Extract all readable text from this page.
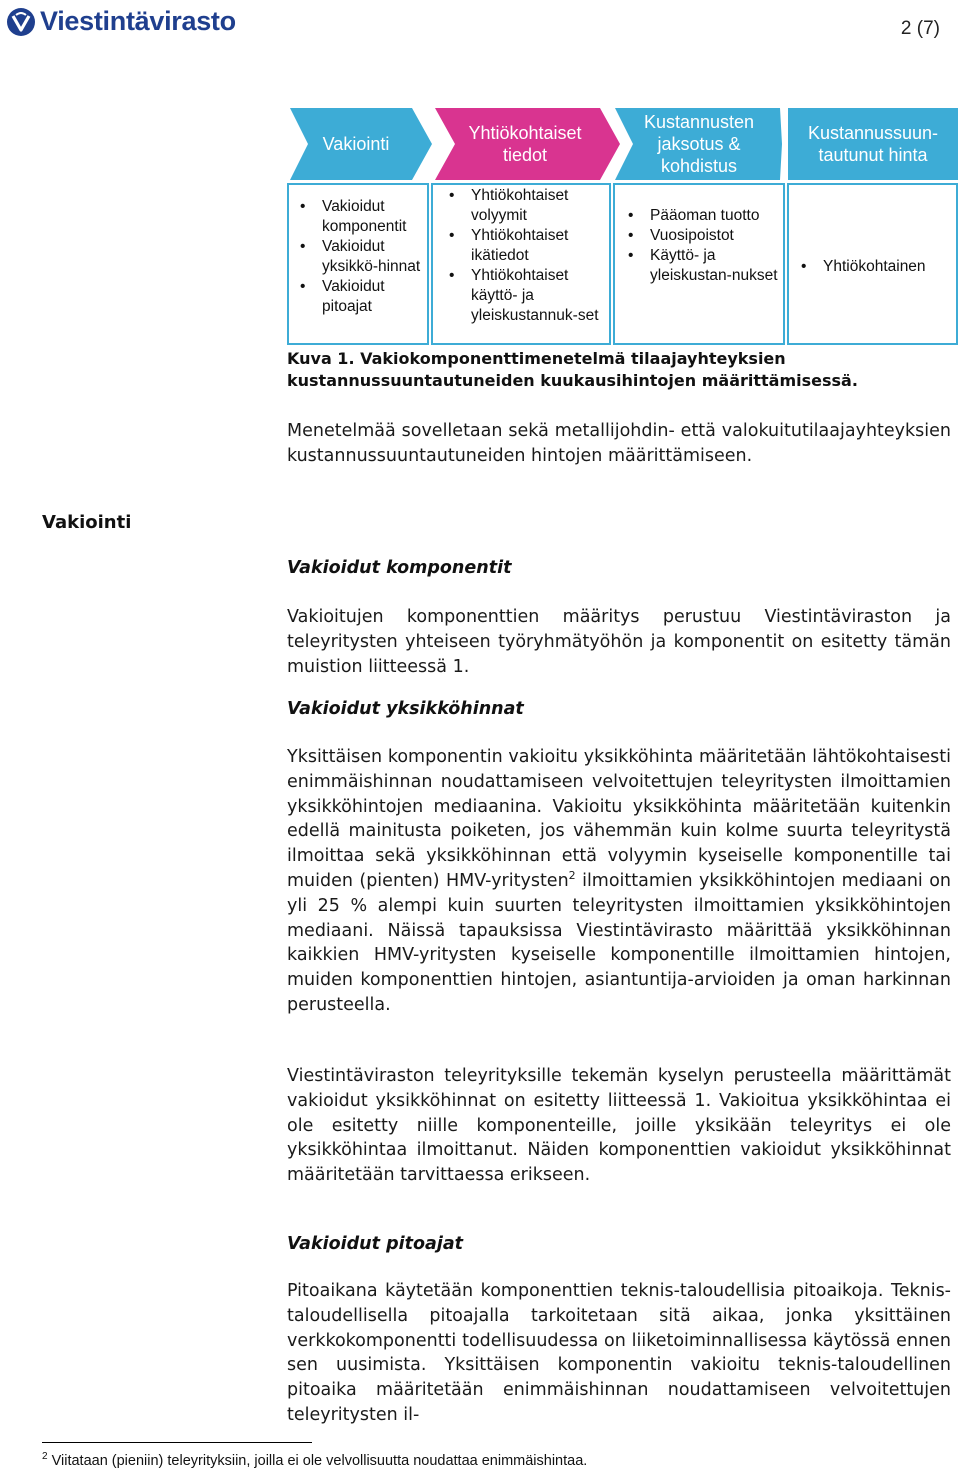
Viestintävirasto	2 (7)
Vakiointi
Yhtiökohtaiset tiedot
Kustannusten jaksotus & kohdistus
Kustannussuun-tautunut hinta
• Vakioidut komponentit
• Vakioidut yksikkö-hinnat
• Vakioidut pitoajat
• Yhtiökohtaiset volyymit
• Yhtiökohtaiset ikätiedot
• Yhtiökohtaiset käyttö- ja yleiskustannuk-set
• Pääoman tuotto
• Vuosipoistot
• Käyttö- ja yleiskustan-nukset
• Yhtiökohtainen
Kuva 1. Vakiokomponenttimenetelmä tilaajayhteyksien kustannussuuntautuneiden kuukausihintojen määrittämisessä.
Menetelmää sovelletaan sekä metallijohdin- että valokuitutilaajayhteyksien kustannussuuntautuneiden hintojen määrittämiseen.
Vakiointi
Vakioidut komponentit
Vakioitujen komponenttien määritys perustuu Viestintäviraston ja teleyritysten yhteiseen työryhmätyöhön ja komponentit on esitetty tämän muistion liitteessä 1.
Vakioidut yksikköhinnat
Yksittäisen komponentin vakioitu yksikköhinta määritetään lähtökohtaisesti enimmäishinnan noudattamiseen velvoitettujen teleyritysten ilmoittamien yksikköhintojen mediaanina. Vakioitu yksikköhinta määritetään kuitenkin edellä mainitusta poiketen, jos vähemmän kuin kolme suurta teleyritystä ilmoittaa sekä yksikköhinnan että volyymin kyseiselle komponentille tai muiden (pienten) HMV-yritysten$^2$ ilmoittamien yksikköhintojen mediaani on yli 25 % alempi kuin suurten teleyritysten ilmoittamien yksikköhintojen mediaani. Näissä tapauksissa Viestintävirasto määrittää yksikköhinnan kaikkien HMV-yritysten kyseiselle komponentille ilmoittamien hintojen, muiden komponenttien hintojen, asiantuntija-arvioiden ja oman harkinnan perusteella.
Viestintäviraston teleyrityksille tekemän kyselyn perusteella määrittämät vakioidut yksikköhinnat on esitetty liitteessä 1. Vakioitua yksikköhintaa ei ole esitetty niille komponenteille, joille yksikään teleyritys ei ole yksikköhintaa ilmoittanut. Näiden komponenttien vakioidut yksikköhinnat määritetään tarvittaessa erikseen.
Vakioidut pitoajat
Pitoaikana käytetään komponenttien teknis-taloudellisia pitoaikoja. Teknis-taloudellisella pitoajalla tarkoitetaan sitä aikaa, jonka yksittäinen verkkokomponentti todellisuudessa on liiketoiminnallisessa käytössä ennen sen uusimista. Yksittäisen komponentin vakioitu teknis-taloudellinen pitoaika määritetään enimmäishinnan noudattamiseen velvoitettujen teleyritysten il-
$^2$ Viitataan (pieniin) teleyrityksiin, joilla ei ole velvollisuutta noudattaa enimmäishintaa.
